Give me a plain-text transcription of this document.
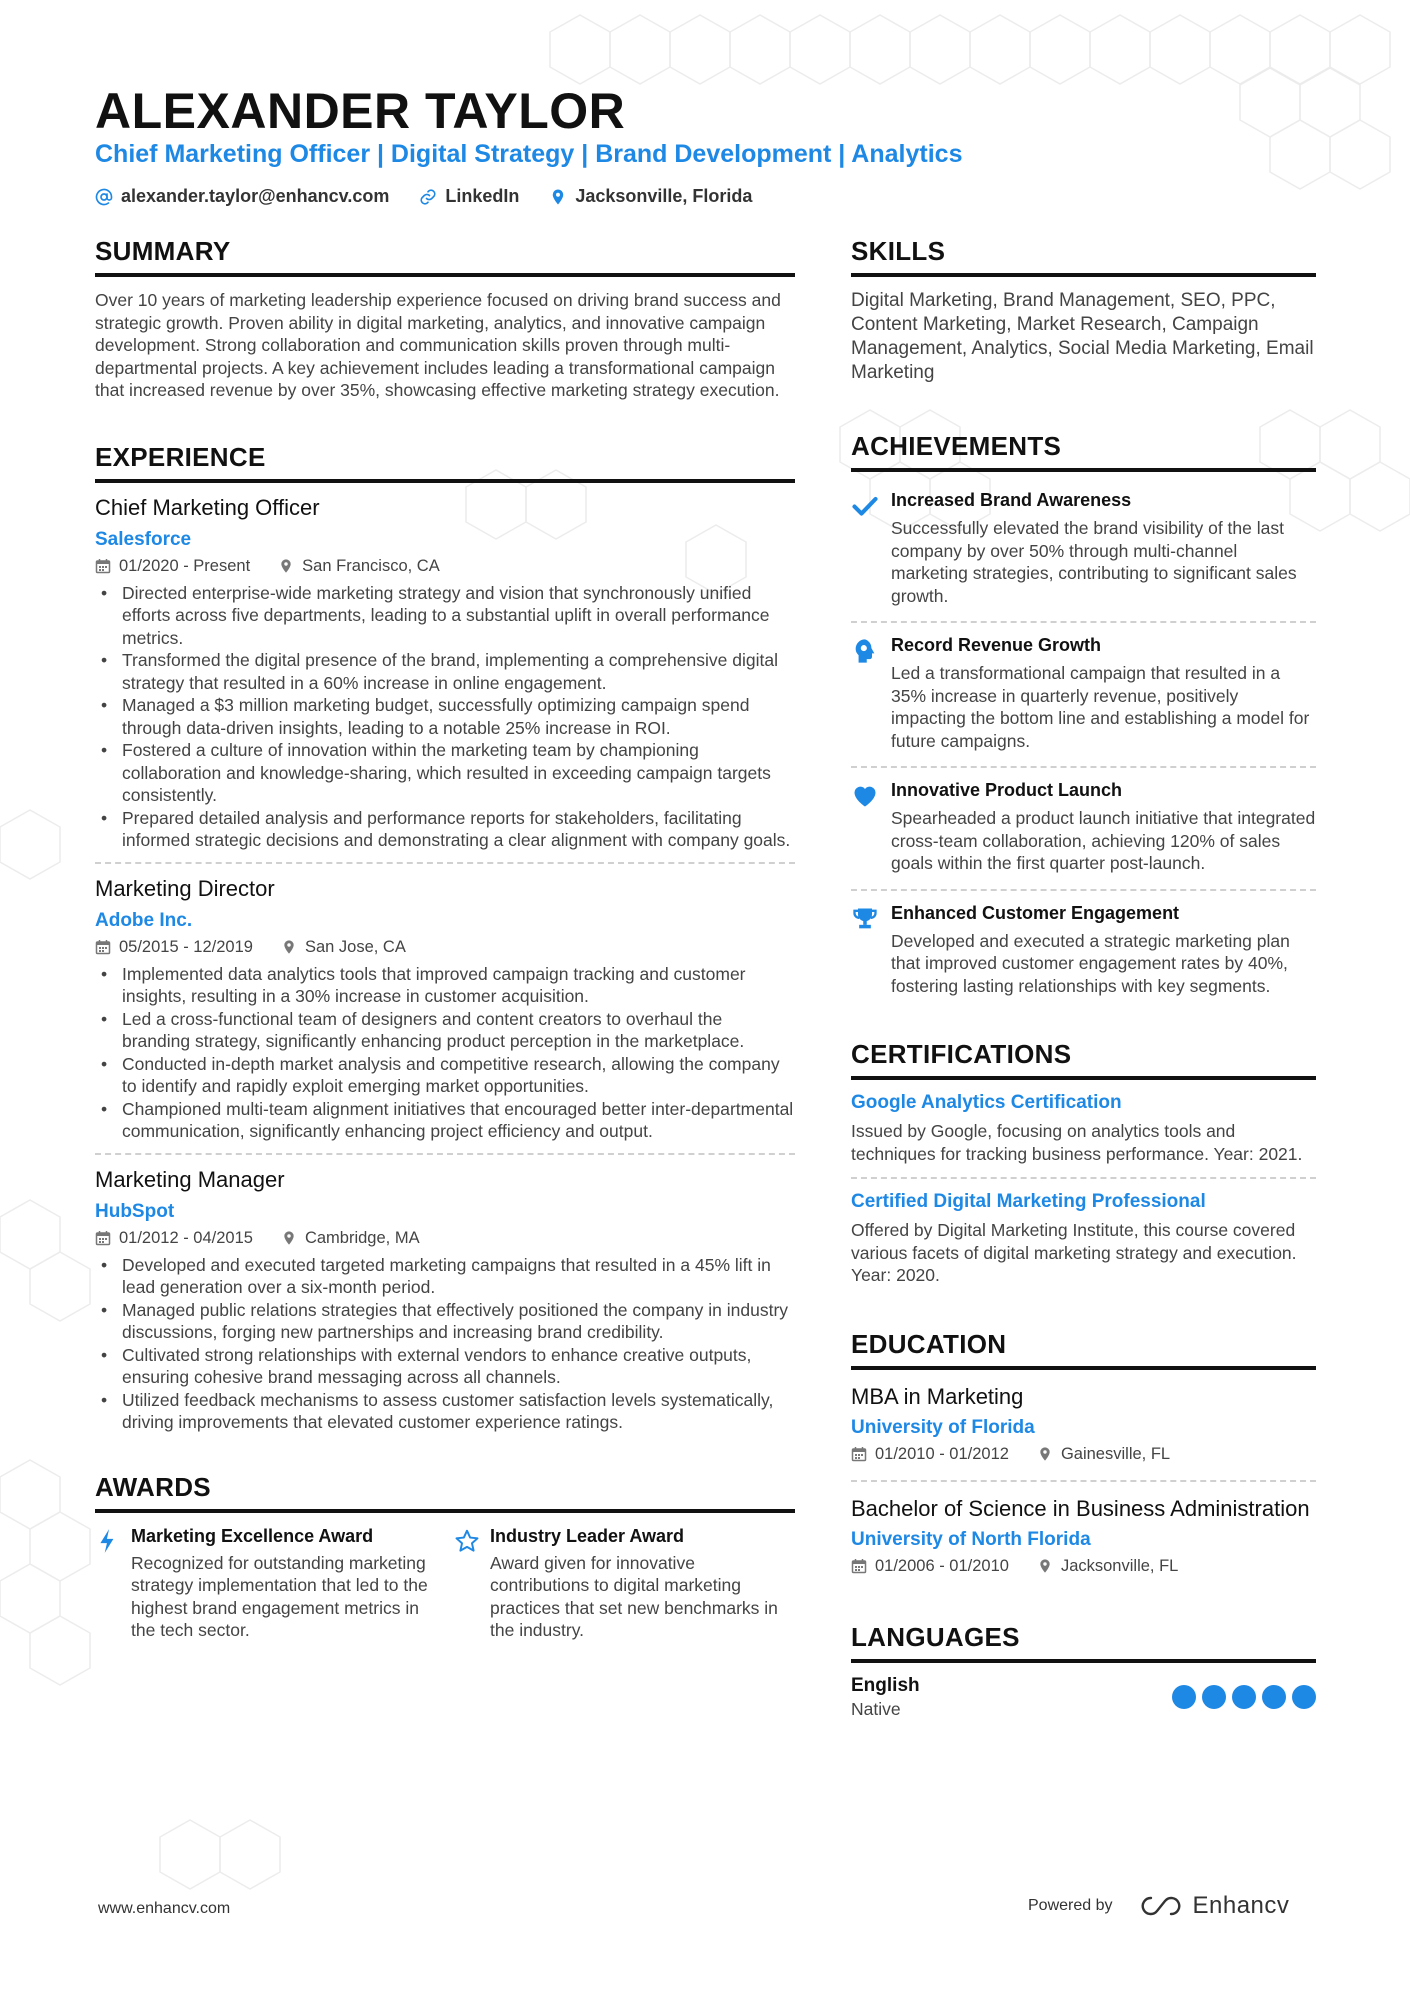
ALEXANDER TAYLOR
Chief Marketing Officer | Digital Strategy | Brand Development | Analytics
alexander.taylor@enhancv.com	LinkedIn	Jacksonville, Florida
SUMMARY
Over 10 years of marketing leadership experience focused on driving brand success and strategic growth. Proven ability in digital marketing, analytics, and innovative campaign development. Strong collaboration and communication skills proven through multi-departmental projects. A key achievement includes leading a transformational campaign that increased revenue by over 35%, showcasing effective marketing strategy execution.
EXPERIENCE
Chief Marketing Officer
Salesforce
01/2020 - Present	San Francisco, CA
• Directed enterprise-wide marketing strategy and vision that synchronously unified efforts across five departments, leading to a substantial uplift in overall performance metrics.
• Transformed the digital presence of the brand, implementing a comprehensive digital strategy that resulted in a 60% increase in online engagement.
• Managed a $3 million marketing budget, successfully optimizing campaign spend through data-driven insights, leading to a notable 25% increase in ROI.
• Fostered a culture of innovation within the marketing team by championing collaboration and knowledge-sharing, which resulted in exceeding campaign targets consistently.
• Prepared detailed analysis and performance reports for stakeholders, facilitating informed strategic decisions and demonstrating a clear alignment with company goals.
Marketing Director
Adobe Inc.
05/2015 - 12/2019	San Jose, CA
• Implemented data analytics tools that improved campaign tracking and customer insights, resulting in a 30% increase in customer acquisition.
• Led a cross-functional team of designers and content creators to overhaul the branding strategy, significantly enhancing product perception in the marketplace.
• Conducted in-depth market analysis and competitive research, allowing the company to identify and rapidly exploit emerging market opportunities.
• Championed multi-team alignment initiatives that encouraged better inter-departmental communication, significantly enhancing project efficiency and output.
Marketing Manager
HubSpot
01/2012 - 04/2015	Cambridge, MA
• Developed and executed targeted marketing campaigns that resulted in a 45% lift in lead generation over a six-month period.
• Managed public relations strategies that effectively positioned the company in industry discussions, forging new partnerships and increasing brand credibility.
• Cultivated strong relationships with external vendors to enhance creative outputs, ensuring cohesive brand messaging across all channels.
• Utilized feedback mechanisms to assess customer satisfaction levels systematically, driving improvements that elevated customer experience ratings.
AWARDS
Marketing Excellence Award
Recognized for outstanding marketing strategy implementation that led to the highest brand engagement metrics in the tech sector.
Industry Leader Award
Award given for innovative contributions to digital marketing practices that set new benchmarks in the industry.
SKILLS
Digital Marketing, Brand Management, SEO, PPC, Content Marketing, Market Research, Campaign Management, Analytics, Social Media Marketing, Email Marketing
ACHIEVEMENTS
Increased Brand Awareness
Successfully elevated the brand visibility of the last company by over 50% through multi-channel marketing strategies, contributing to significant sales growth.
Record Revenue Growth
Led a transformational campaign that resulted in a 35% increase in quarterly revenue, positively impacting the bottom line and establishing a model for future campaigns.
Innovative Product Launch
Spearheaded a product launch initiative that integrated cross-team collaboration, achieving 120% of sales goals within the first quarter post-launch.
Enhanced Customer Engagement
Developed and executed a strategic marketing plan that improved customer engagement rates by 40%, fostering lasting relationships with key segments.
CERTIFICATIONS
Google Analytics Certification
Issued by Google, focusing on analytics tools and techniques for tracking business performance. Year: 2021.
Certified Digital Marketing Professional
Offered by Digital Marketing Institute, this course covered various facets of digital marketing strategy and execution. Year: 2020.
EDUCATION
MBA in Marketing
University of Florida
01/2010 - 01/2012	Gainesville, FL
Bachelor of Science in Business Administration
University of North Florida
01/2006 - 01/2010	Jacksonville, FL
LANGUAGES
English
Native
www.enhancv.com	Powered by	Enhancv
